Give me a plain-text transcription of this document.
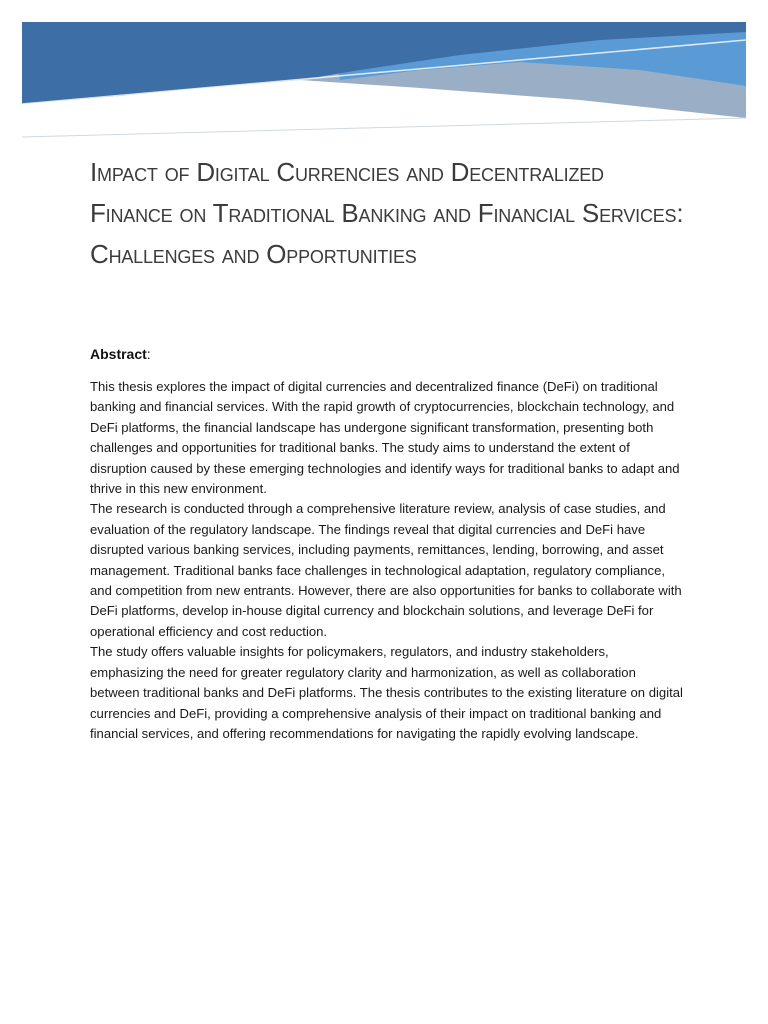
Impact of Digital Currencies and Decentralized Finance on Traditional Banking and Financial Services: Challenges and Opportunities
Abstract:

This thesis explores the impact of digital currencies and decentralized finance (DeFi) on traditional banking and financial services. With the rapid growth of cryptocurrencies, blockchain technology, and DeFi platforms, the financial landscape has undergone significant transformation, presenting both challenges and opportunities for traditional banks. The study aims to understand the extent of disruption caused by these emerging technologies and identify ways for traditional banks to adapt and thrive in this new environment.

The research is conducted through a comprehensive literature review, analysis of case studies, and evaluation of the regulatory landscape. The findings reveal that digital currencies and DeFi have disrupted various banking services, including payments, remittances, lending, borrowing, and asset management. Traditional banks face challenges in technological adaptation, regulatory compliance, and competition from new entrants. However, there are also opportunities for banks to collaborate with DeFi platforms, develop in-house digital currency and blockchain solutions, and leverage DeFi for operational efficiency and cost reduction.

The study offers valuable insights for policymakers, regulators, and industry stakeholders, emphasizing the need for greater regulatory clarity and harmonization, as well as collaboration between traditional banks and DeFi platforms. The thesis contributes to the existing literature on digital currencies and DeFi, providing a comprehensive analysis of their impact on traditional banking and financial services, and offering recommendations for navigating the rapidly evolving landscape.
